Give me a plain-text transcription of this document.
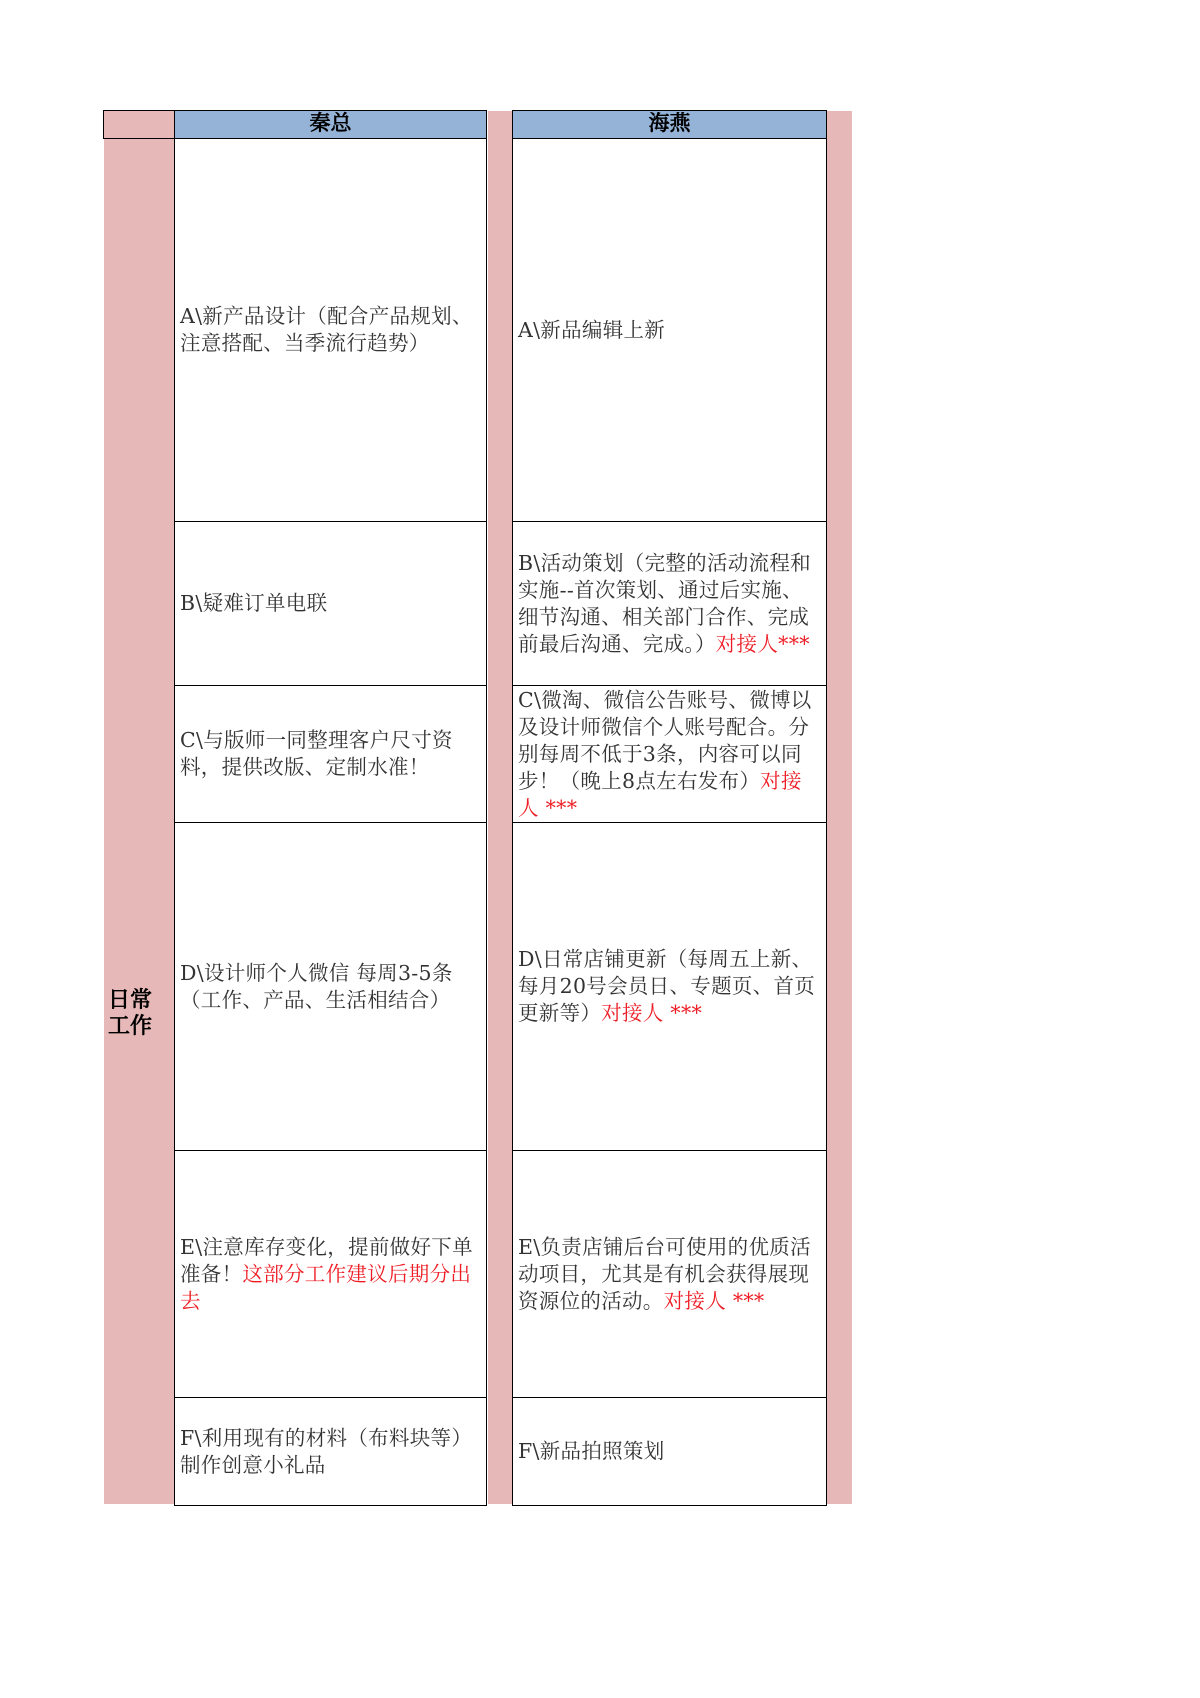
秦总	海燕
日常
工作
A\新产品设计（配合产品规划、注意搭配、当季流行趋势）
A\新品编辑上新
B\疑难订单电联
B\活动策划（完整的活动流程和实施--首次策划、通过后实施、细节沟通、相关部门合作、完成前最后沟通、完成。）对接人***
C\与版师一同整理客户尺寸资料，提供改版、定制水准！
C\微淘、微信公告账号、微博以及设计师微信个人账号配合。分别每周不低于3条，内容可以同步！（晚上8点左右发布）对接人 ***
D\设计师个人微信 每周3-5条（工作、产品、生活相结合）
D\日常店铺更新（每周五上新、每月20号会员日、专题页、首页更新等）对接人 ***
E\注意库存变化，提前做好下单准备！这部分工作建议后期分出去
E\负责店铺后台可使用的优质活动项目，尤其是有机会获得展现资源位的活动。对接人 ***
F\利用现有的材料（布料块等）制作创意小礼品
F\新品拍照策划
